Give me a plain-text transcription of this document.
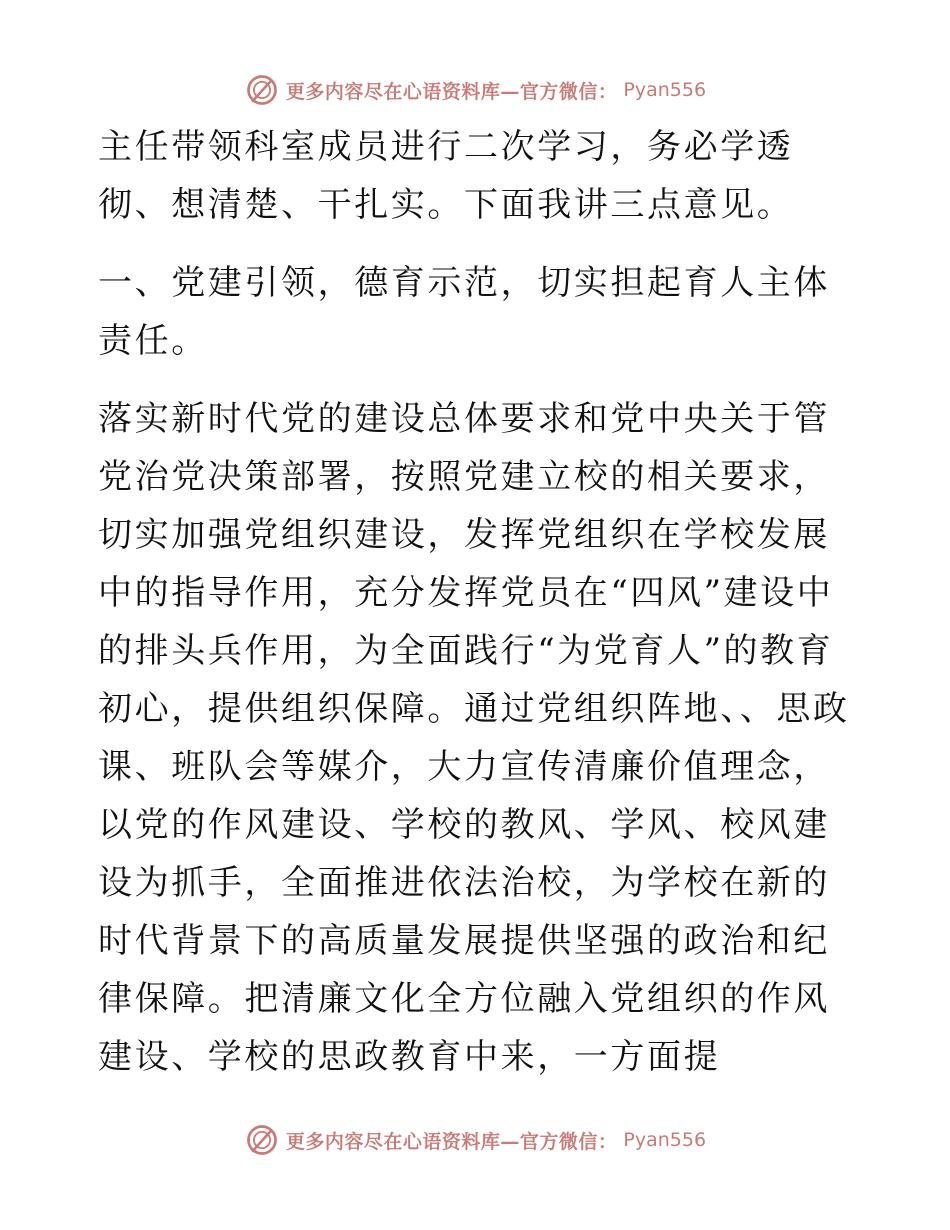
更多内容尽在心语资料库—官方微信： Pyan556

主任带领科室成员进行二次学习，务必学透彻、想清楚、干扎实。下面我讲三点意见。

一、党建引领，德育示范，切实担起育人主体责任。

落实新时代党的建设总体要求和党中央关于管党治党决策部署，按照党建立校的相关要求，切实加强党组织建设，发挥党组织在学校发展中的指导作用，充分发挥党员在“四风”建设中的排头兵作用，为全面践行“为党育人”的教育初心，提供组织保障。通过党组织阵地、、思政课、班队会等媒介，大力宣传清廉价值理念，以党的作风建设、学校的教风、学风、校风建设为抓手，全面推进依法治校，为学校在新的时代背景下的高质量发展提供坚强的政治和纪律保障。把清廉文化全方位融入党组织的作风建设、学校的思政教育中来，一方面提

更多内容尽在心语资料库—官方微信： Pyan556
